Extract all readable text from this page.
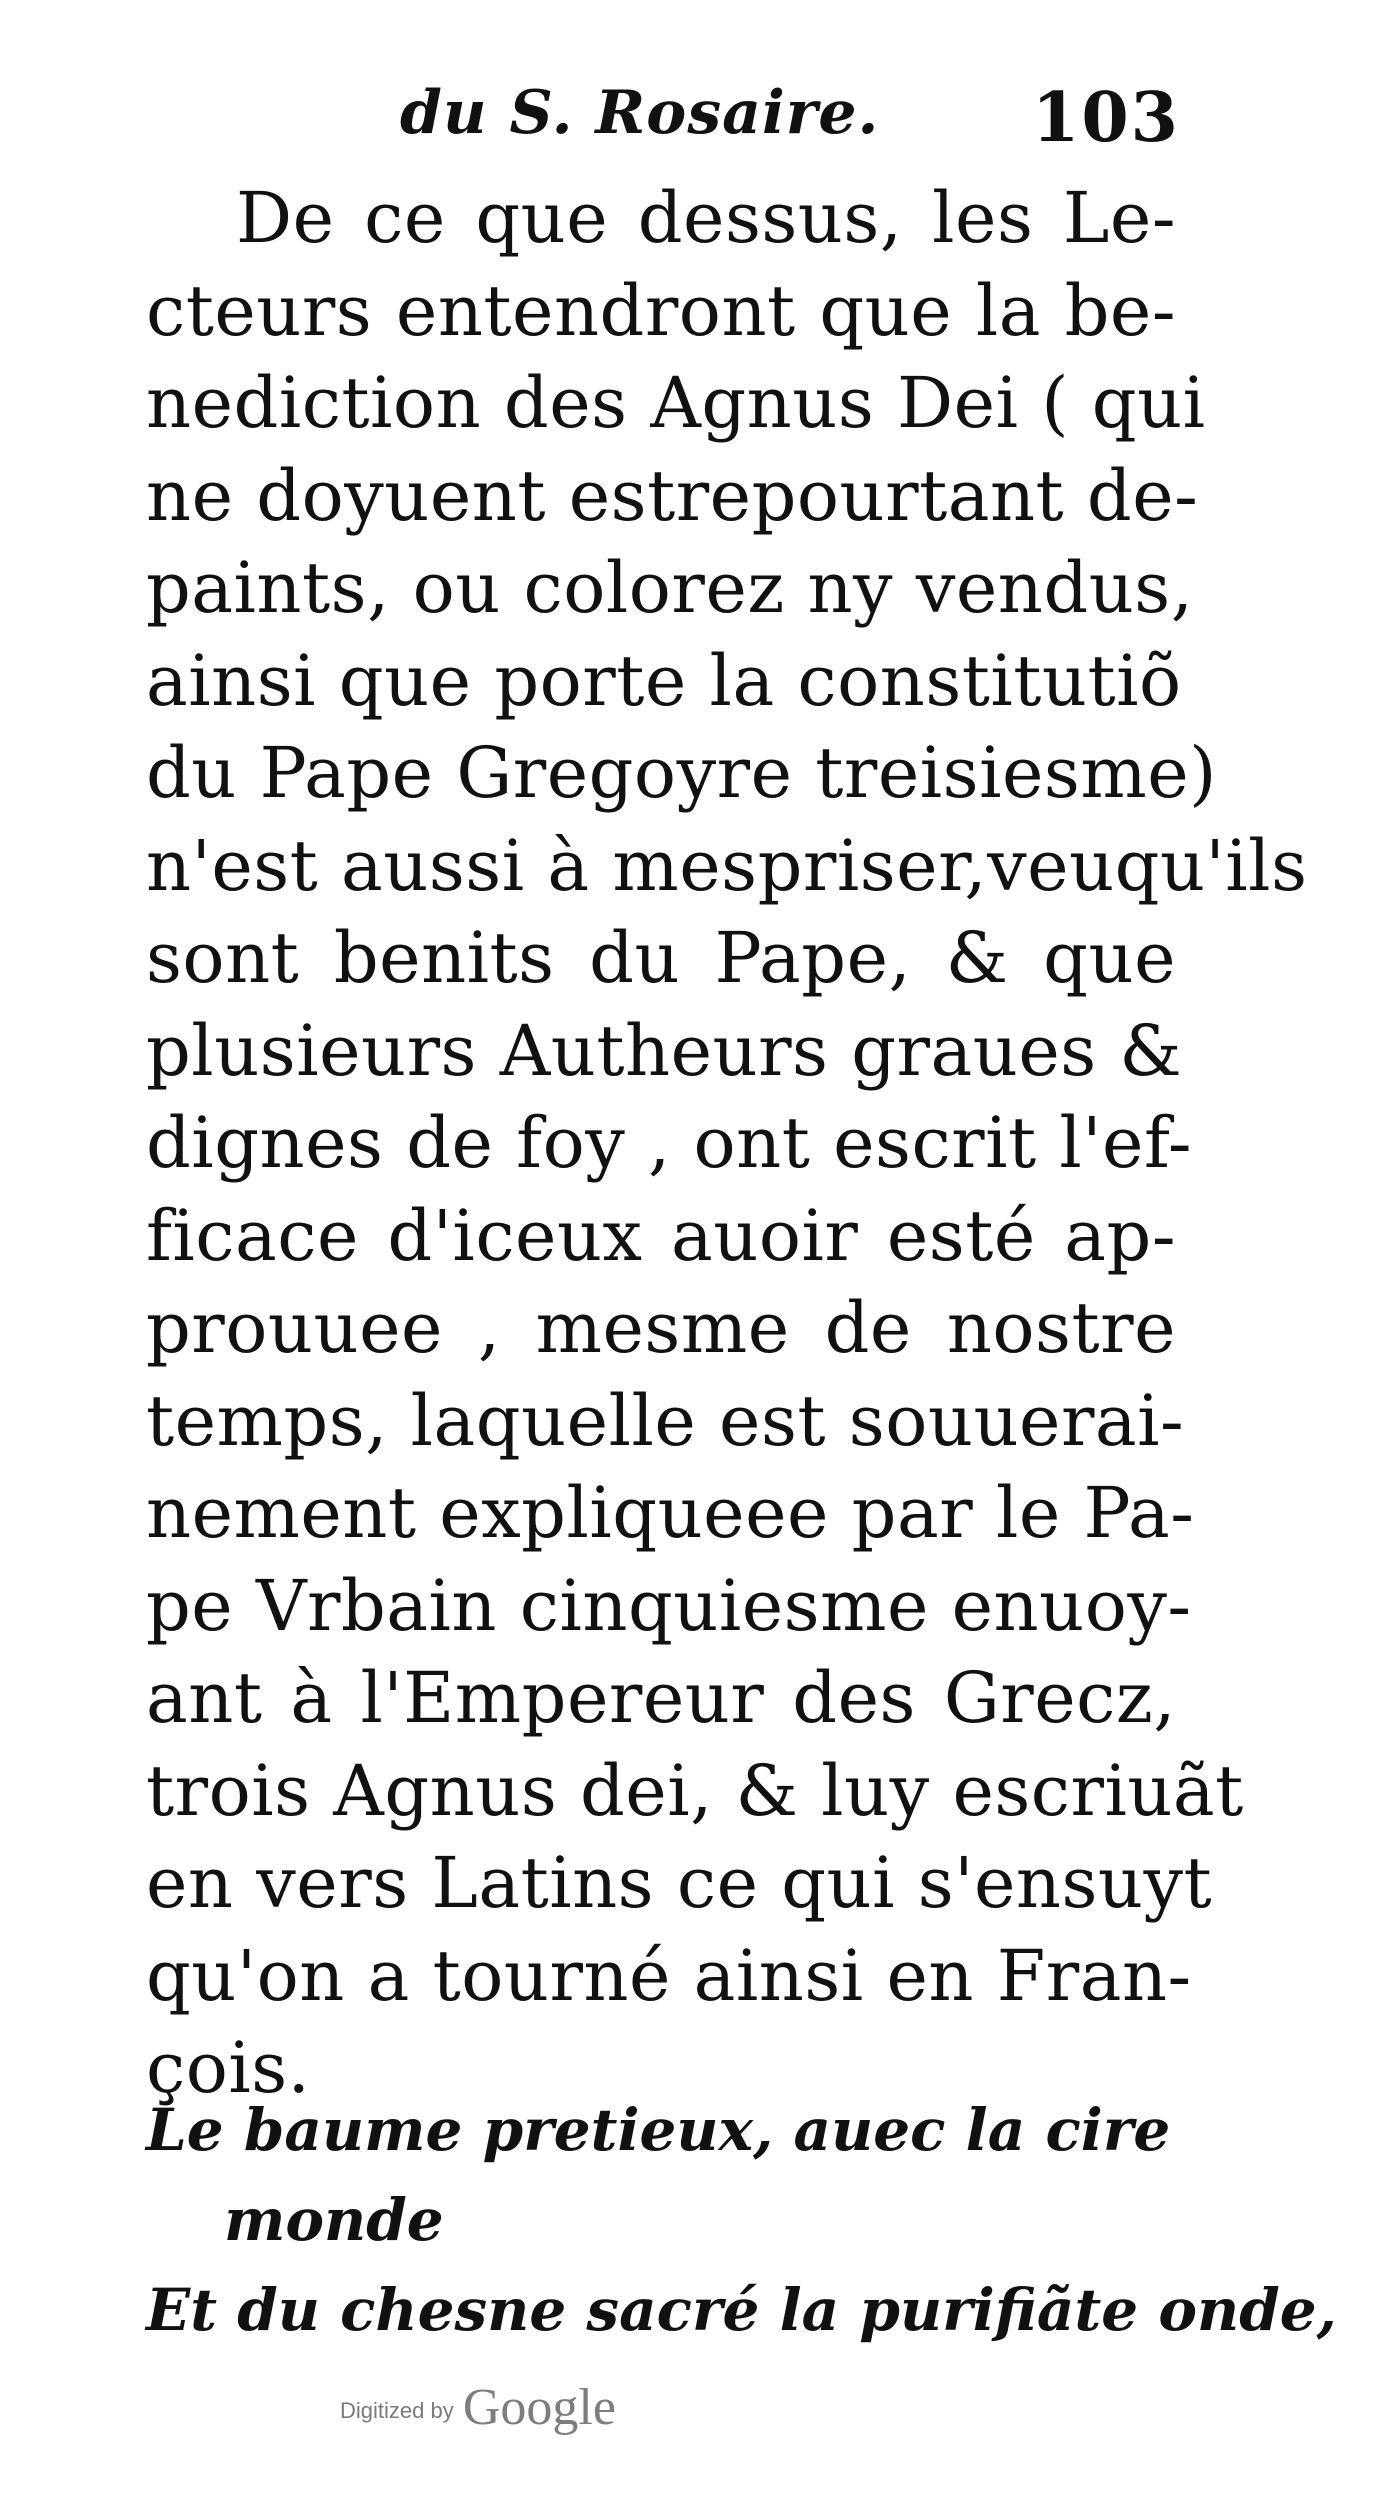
du S. Rosaire. 103
De ce que dessus, les Le-
cteurs entendront que la be-
nediction des Agnus Dei ( qui
ne doyuent estrepourtant de-
paints, ou colorez ny vendus,
ainsi que porte la constitutiõ
du Pape Gregoyre treisiesme)
n'est aussi à mespriser,veuqu'ils
sont benits du Pape, & que
plusieurs Autheurs graues &
dignes de foy , ont escrit l'ef-
ficace d'iceux auoir esté ap-
prouuee , mesme de nostre
temps, laquelle est souuerai-
nement expliqueee par le Pa-
pe Vrbain cinquiesme enuoy-
ant à l'Empereur des Grecz,
trois Agnus dei, & luy escriuãt
en vers Latins ce qui s'ensuyt
qu'on a tourné ainsi en Fran-
çois.
Le baume pretieux, auec la cire
monde
Et du chesne sacré la purifiãte onde,
Digitized by Google
